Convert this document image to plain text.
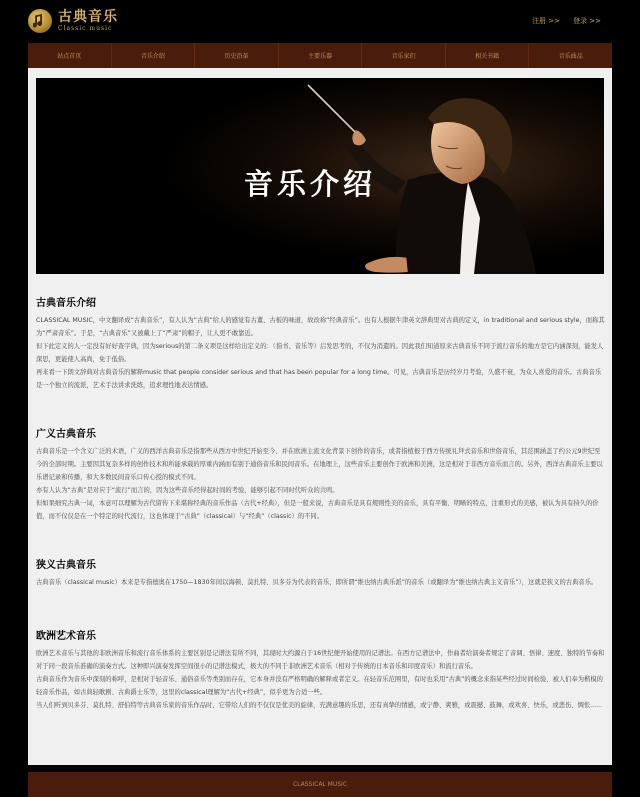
古典音乐
Classic music
注册 >> 登录 >>
站点首页	音乐介绍	历史沿革	主要乐器	音乐家们	相关书籍	音乐曲品
音乐介绍
古典音乐介绍

CLASSICAL MUSIC，中文翻译成“古典音乐”，有人认为“古典”给人的感觉有古董、古板的味道，故改称“经典音乐”。也有人根据牛津英文辞典里对古典的定义，in traditional and serious style，而称其为“严肃音乐”。于是，“古典音乐”又被戴上了“严肃”的帽子，让人更不敢靠近。

但下此定义的人一定没有好好查字典，因为serious的第二条义项是这样给出定义的：（指书、音乐等）启发思考的，不仅为消遣的。因此我们知道原来古典音乐不同于流行音乐的地方是它内涵深刻，能发人深思，更能使人高尚，免于低俗。

再来看一下朗文辞典对古典音乐的解释music that people consider serious and that has been popular for a long time。可见，古典音乐是历经岁月考验，久盛不衰，为众人喜爱的音乐。古典音乐是一个独立的流派，艺术手法讲求洗练，追求理性地表达情感。

广义古典音乐

古典音乐是一个含义广泛的术语，广义的西洋古典音乐是指那些从西方中世纪开始至今、并在欧洲主流文化背景下创作的音乐，或者指植根于西方传统礼拜式音乐和世俗音乐，其范围涵盖了约公元9世纪至今的全部时期。主要因其复杂多样的创作技术和所能承载的厚重内涵而有别于通俗音乐和民间音乐。在地理上，这些音乐主要创作于欧洲和美洲，这是相对于非西方音乐而言的。另外，西洋古典音乐主要以乐谱记录和传播，和大多数民间音乐口传心授的模式不同。

亦有人认为“古典”是对应于“流行”而言的，因为这些音乐经得起时间的考验，能够引起不同时代听众的共鸣。

但如果细究古典一词，本意可以理解为古代留传下来堪称经典的音乐作品（古代+经典），但是一般来说，古典音乐是具有规则性美的音乐，具有平衡、明晰的特点，注重形式的美感，被认为具有持久的价值，而不仅仅是在一个特定的时代流行，这也体现于“古典”（classical）与“经典”（classic）的不同。

狭义古典音乐

古典音乐（classical music）本来是专指德奥在1750—1830年间以海顿、莫扎特、贝多芬为代表的音乐，即所谓“维也纳古典乐派”的音乐（或翻译为“维也纳古典主义音乐”），这就是狭义的古典音乐。

欧洲艺术音乐

欧洲艺术音乐与其他的非欧洲音乐和流行音乐体系的主要区别是记谱法有所不同，其现时大约源自于16世纪便开始使用的记谱法。在西方记谱法中，作曲者给演奏者规定了音调、悟律、速度、独特的节奏和对于同一段音乐准确的演奏方式。这种即兴演奏发挥空间很小的记谱法模式，极大的不同于非欧洲艺术音乐（相对于传统的日本音乐和印度音乐）和流行音乐。

古典音乐作为音乐中深刻的称呼，是相对于轻音乐、通俗音乐等类别而存在，它本身并没有严格明确的解释或者定义。在轻音乐范围里，有时也采用“古典”的概念来指某些经过时间检验、被人们奉为楷模的轻音乐作品，如古典轻歌剧、古典爵士乐等，这里的classical理解为“古代+经典”，似乎更为合适一些。

当人们听到贝多芬、莫扎特、舒伯特等古典音乐家的音乐作品时，它带给人们的不仅仅是优美的旋律，充满意趣的乐思，还有真挚的情感，或宁静、爽雅，或震撼、鼓舞，或欢喜、快乐，或悲伤、惆怅......

CLASSICAL MUSIC
